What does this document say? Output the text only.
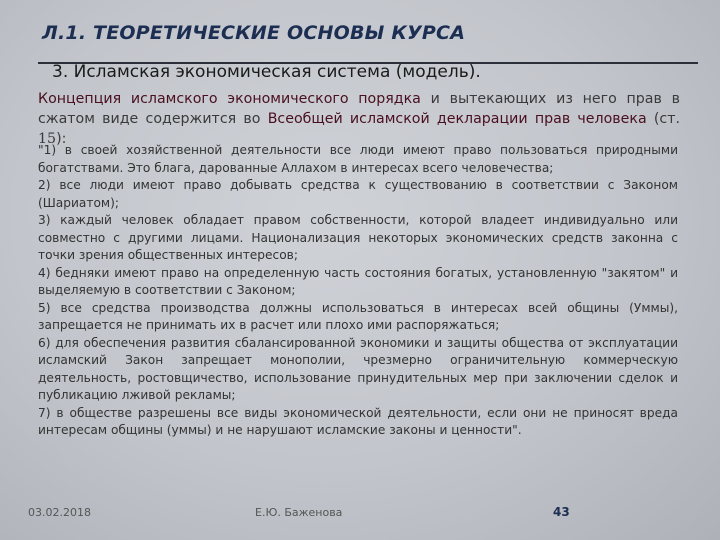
Л.1. ТЕОРЕТИЧЕСКИЕ ОСНОВЫ КУРСА
3. Исламская экономическая система (модель).
Концепция исламского экономического порядка и вытекающих из него прав в сжатом виде содержится во Всеобщей исламской декларации прав человека (ст. 15):

"1) в своей хозяйственной деятельности все люди имеют право пользоваться природными богатствами. Это блага, дарованные Аллахом в интересах всего человечества;

2) все люди имеют право добывать средства к существованию в соответствии с Законом (Шариатом);

3) каждый человек обладает правом собственности, которой владеет индивидуально или совместно с другими лицами. Национализация некоторых экономических средств законна с точки зрения общественных интересов;

4) бедняки имеют право на определенную часть состояния богатых, установленную "закятом" и выделяемую в соответствии с Законом;

5) все средства производства должны использоваться в интересах всей общины (Уммы), запрещается не принимать их в расчет или плохо ими распоряжаться;

6) для обеспечения развития сбалансированной экономики и защиты общества от эксплуатации исламский Закон запрещает монополии, чрезмерно ограничительную коммерческую деятельность, ростовщичество, использование принудительных мер при заключении сделок и публикацию лживой рекламы;

7) в обществе разрешены все виды экономической деятельности, если они не приносят вреда интересам общины (уммы) и не нарушают исламские законы и ценности".

03.02.2018	Е.Ю. Баженова	43
